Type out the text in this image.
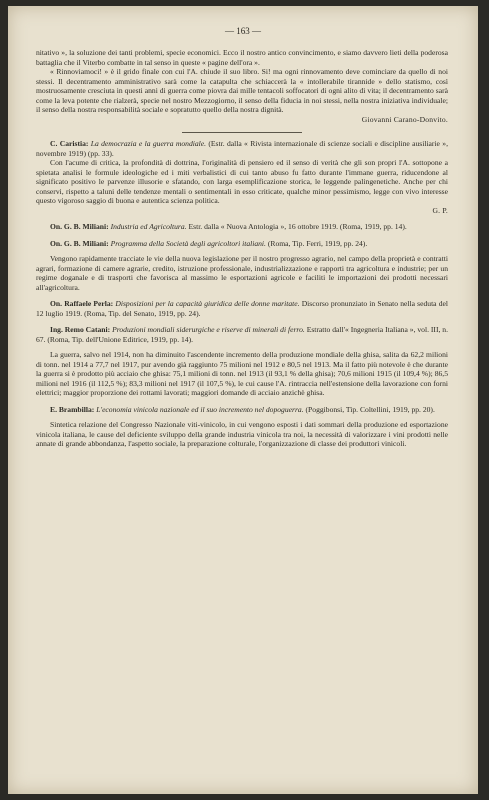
— 163 —

nitativo », la soluzione dei tanti problemi, specie economici. Ecco il nostro antico convincimento, e siamo davvero lieti della poderosa battaglia che il Viterbo combatte in tal senso in queste « pagine dell'ora ».

« Rinnoviamoci! » è il grido finale con cui l'A. chiude il suo libro. Si! ma ogni rinnovamento deve cominciare da quello di noi stessi. Il decentramento amministrativo sarà come la catapulta che schiaccerà la « intollerabile tirannide » dello statismo, così mostruosamente cresciuta in questi anni di guerra come piovra dai mille tentacoli soffocatori di ogni alito di vita; il decentramento sarà come la leva potente che rialzerà, specie nel nostro Mezzogiorno, il senso della fiducia in noi stessi, nella nostra iniziativa individuale; il senso della nostra responsabilità sociale e sopratutto quello della nostra dignità.

Giovanni Carano-Donvito.

C. Caristia: La democrazia e la guerra mondiale. (Estr. dalla « Rivista internazionale di scienze sociali e discipline ausiliarie », novembre 1919) (pp. 33).

Con l'acume di critica, la profondità di dottrina, l'originalità di pensiero ed il senso di verità che gli son propri l'A. sottopone a spietata analisi le formule ideologiche ed i miti verbalistici di cui tanto abuso fu fatto durante l'immane guerra, riducendone al significato positivo le parvenze illusorie e sfatando, con larga esemplificazione storica, le leggende palingenetiche. Anche per chi conservi, rispetto a taluni delle tendenze mentali o sentimentali in esso criticate, qualche minor pessimismo, legge con vivo interesse questo vigoroso saggio di buona e autentica scienza politica.

G. P.

On. G. B. Miliani: Industria ed Agricoltura. Estr. dalla « Nuova Antologia », 16 ottobre 1919. (Roma, 1919, pp. 14).

On. G. B. Miliani: Programma della Società degli agricoltori italiani. (Roma, Tip. Ferri, 1919, pp. 24).

Vengono rapidamente tracciate le vie della nuova legislazione per il nostro progresso agrario, nel campo della proprietà e contratti agrari, formazione di camere agrarie, credito, istruzione professionale, industrializzazione e rapporti tra agricoltura e industrie; per un regime doganale e di trasporti che favorisca al massimo le esportazioni agricole e faciliti le importazioni dei prodotti necessari all'agricoltura.

On. Raffaele Perla: Disposizioni per la capacità giuridica delle donne maritate. Discorso pronunziato in Senato nella seduta del 12 luglio 1919. (Roma, Tip. del Senato, 1919, pp. 24).

Ing. Remo Catani: Produzioni mondiali siderurgiche e riserve di minerali di ferro. Estratto dall'« Ingegneria Italiana », vol. III, n. 67. (Roma, Tip. dell'Unione Editrice, 1919, pp. 14).

La guerra, salvo nel 1914, non ha diminuito l'ascendente incremento della produzione mondiale della ghisa, salita da 62,2 milioni di tonn. nel 1914 a 77,7 nel 1917, pur avendo già raggiunto 75 milioni nel 1912 e 80,5 nel 1913. Ma il fatto più notevole è che durante la guerra si è prodotto più acciaio che ghisa: 75,1 milioni di tonn. nel 1913 (il 93,1 % della ghisa); 70,6 milioni 1915 (il 109,4 %); 86,5 milioni nel 1916 (il 112,5 %); 83,3 milioni nel 1917 (il 107,5 %), le cui cause l'A. rintraccia nell'estensione della lavorazione con forni elettrici; maggior proporzione dei rottami lavorati; maggiori domande di acciaio anzichè ghisa.

E. Brambilla: L'economia vinicola nazionale ed il suo incremento nel dopoguerra. (Poggibonsi, Tip. Coltellini, 1919, pp. 20).

Sintetica relazione del Congresso Nazionale viti-vinicolo, in cui vengono esposti i dati sommari della produzione ed esportazione vinicola italiana, le cause del deficiente sviluppo della grande industria vinicola tra noi, la necessità di valorizzare i vini prodotti nelle annate di grande abbondanza, l'aspetto sociale, la preparazione colturale, l'organizzazione di classe dei produttori vinicoli.
